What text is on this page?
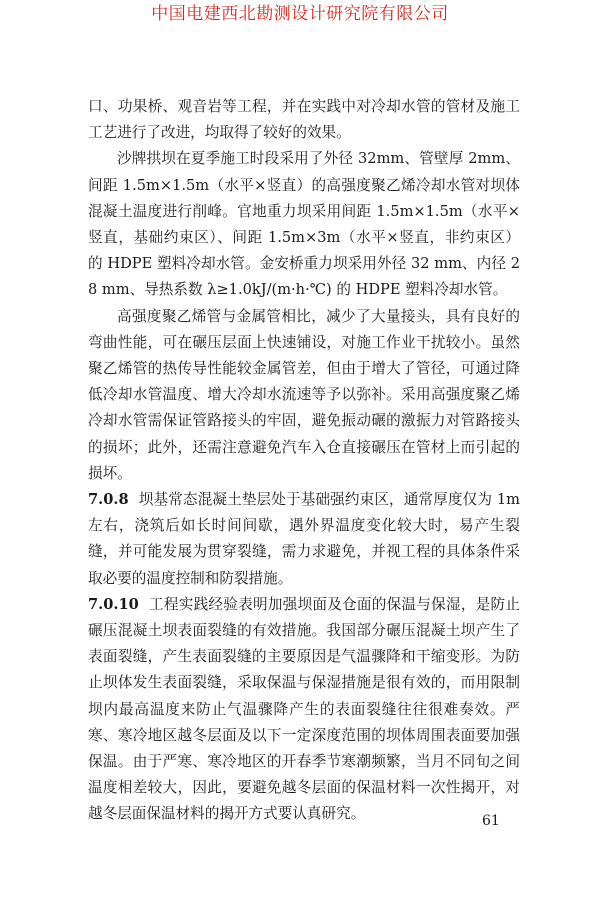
中国电建西北勘测设计研究院有限公司

口、功果桥、观音岩等工程，并在实践中对冷却水管的管材及施工工艺进行了改进，均取得了较好的效果。

沙牌拱坝在夏季施工时段采用了外径 32mm、管壁厚 2mm、间距 1.5m×1.5m（水平×竖直）的高强度聚乙烯冷却水管对坝体混凝土温度进行削峰。官地重力坝采用间距 1.5m×1.5m（水平×竖直，基础约束区）、间距 1.5m×3m（水平×竖直，非约束区）的 HDPE 塑料冷却水管。金安桥重力坝采用外径 32 mm、内径 28 mm、导热系数 λ≥1.0kJ/(m·h·℃) 的 HDPE 塑料冷却水管。

高强度聚乙烯管与金属管相比，减少了大量接头，具有良好的弯曲性能，可在碾压层面上快速铺设，对施工作业干扰较小。虽然聚乙烯管的热传导性能较金属管差，但由于增大了管径，可通过降低冷却水管温度、增大冷却水流速等予以弥补。采用高强度聚乙烯冷却水管需保证管路接头的牢固，避免振动碾的激振力对管路接头的损坏；此外，还需注意避免汽车入仓直接碾压在管材上而引起的损坏。

7.0.8 坝基常态混凝土垫层处于基础强约束区，通常厚度仅为 1m 左右，浇筑后如长时间间歇，遇外界温度变化较大时，易产生裂缝，并可能发展为贯穿裂缝，需力求避免，并视工程的具体条件采取必要的温度控制和防裂措施。

7.0.10 工程实践经验表明加强坝面及仓面的保温与保湿，是防止碾压混凝土坝表面裂缝的有效措施。我国部分碾压混凝土坝产生了表面裂缝，产生表面裂缝的主要原因是气温骤降和干缩变形。为防止坝体发生表面裂缝，采取保温与保湿措施是很有效的，而用限制坝内最高温度来防止气温骤降产生的表面裂缝往往很难奏效。严寒、寒冷地区越冬层面及以下一定深度范围的坝体周围表面要加强保温。由于严寒、寒冷地区的开春季节寒潮频繁，当月不同旬之间温度相差较大，因此，要避免越冬层面的保温材料一次性揭开，对越冬层面保温材料的揭开方式要认真研究。	61
